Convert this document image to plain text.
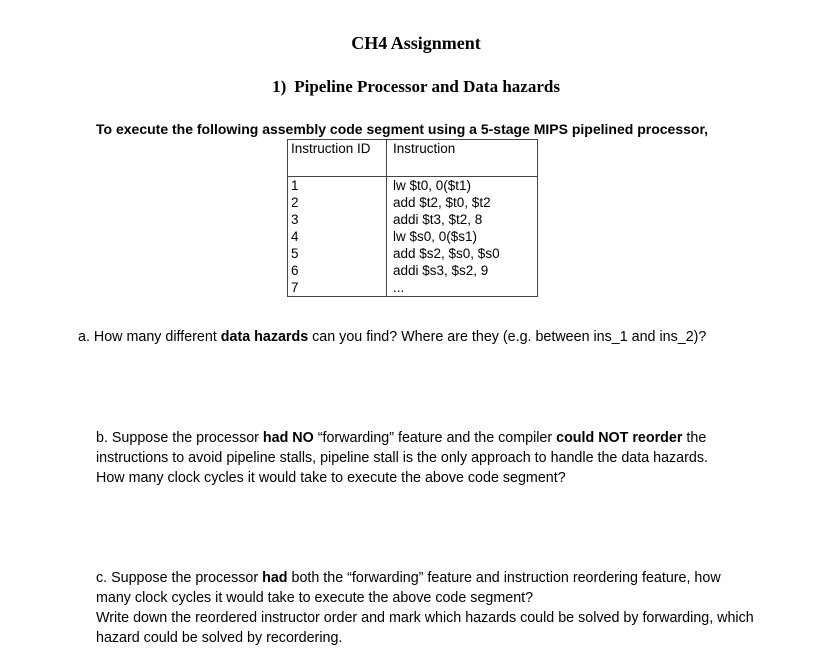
CH4 Assignment
1) Pipeline Processor and Data hazards
To execute the following assembly code segment using a 5-stage MIPS pipelined processor,
Instruction ID	Instruction
1	lw $t0, 0($t1)
2	add $t2, $t0, $t2
3	addi $t3, $t2, 8
4	lw $s0, 0($s1)
5	add $s2, $s0, $s0
6	addi $s3, $s2, 9
7	...
a. How many different data hazards can you find? Where are they (e.g. between ins_1 and ins_2)?
b. Suppose the processor had NO “forwarding” feature and the compiler could NOT reorder the instructions to avoid pipeline stalls, pipeline stall is the only approach to handle the data hazards. How many clock cycles it would take to execute the above code segment?
c. Suppose the processor had both the “forwarding” feature and instruction reordering feature, how many clock cycles it would take to execute the above code segment?
Write down the reordered instructor order and mark which hazards could be solved by forwarding, which hazard could be solved by recordering.
